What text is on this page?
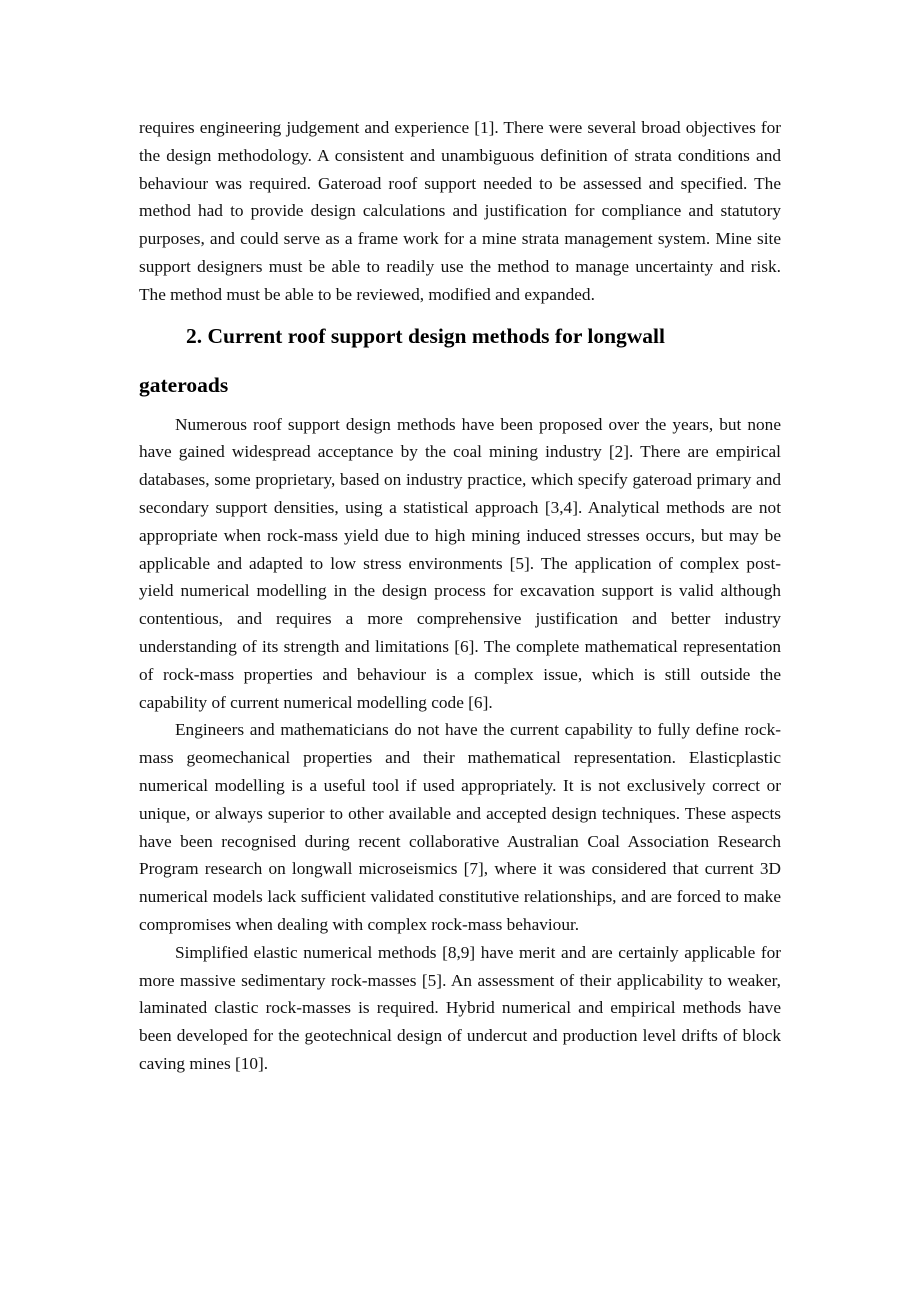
requires engineering judgement and experience [1]. There were several broad objectives for the design methodology. A consistent and unambiguous definition of strata conditions and behaviour was required. Gateroad roof support needed to be assessed and specified. The method had to provide design calculations and justification for compliance and statutory purposes, and could serve as a frame work for a mine strata management system. Mine site support designers must be able to readily use the method to manage uncertainty and risk. The method must be able to be reviewed, modified and expanded.

2. Current roof support design methods for longwall
gateroads

Numerous roof support design methods have been proposed over the years, but none have gained widespread acceptance by the coal mining industry [2]. There are empirical databases, some proprietary, based on industry practice, which specify gateroad primary and secondary support densities, using a statistical approach [3,4]. Analytical methods are not appropriate when rock-mass yield due to high mining induced stresses occurs, but may be applicable and adapted to low stress environments [5]. The application of complex post-yield numerical modelling in the design process for excavation support is valid although contentious, and requires a more comprehensive justification and better industry understanding of its strength and limitations [6]. The complete mathematical representation of rock-mass properties and behaviour is a complex issue, which is still outside the capability of current numerical modelling code [6].

Engineers and mathematicians do not have the current capability to fully define rock-mass geomechanical properties and their mathematical representation. Elasticplastic numerical modelling is a useful tool if used appropriately. It is not exclusively correct or unique, or always superior to other available and accepted design techniques. These aspects have been recognised during recent collaborative Australian Coal Association Research Program research on longwall microseismics [7], where it was considered that current 3D numerical models lack sufficient validated constitutive relationships, and are forced to make compromises when dealing with complex rock-mass behaviour.

Simplified elastic numerical methods [8,9] have merit and are certainly applicable for more massive sedimentary rock-masses [5]. An assessment of their applicability to weaker, laminated clastic rock-masses is required. Hybrid numerical and empirical methods have been developed for the geotechnical design of undercut and production level drifts of block caving mines [10].
